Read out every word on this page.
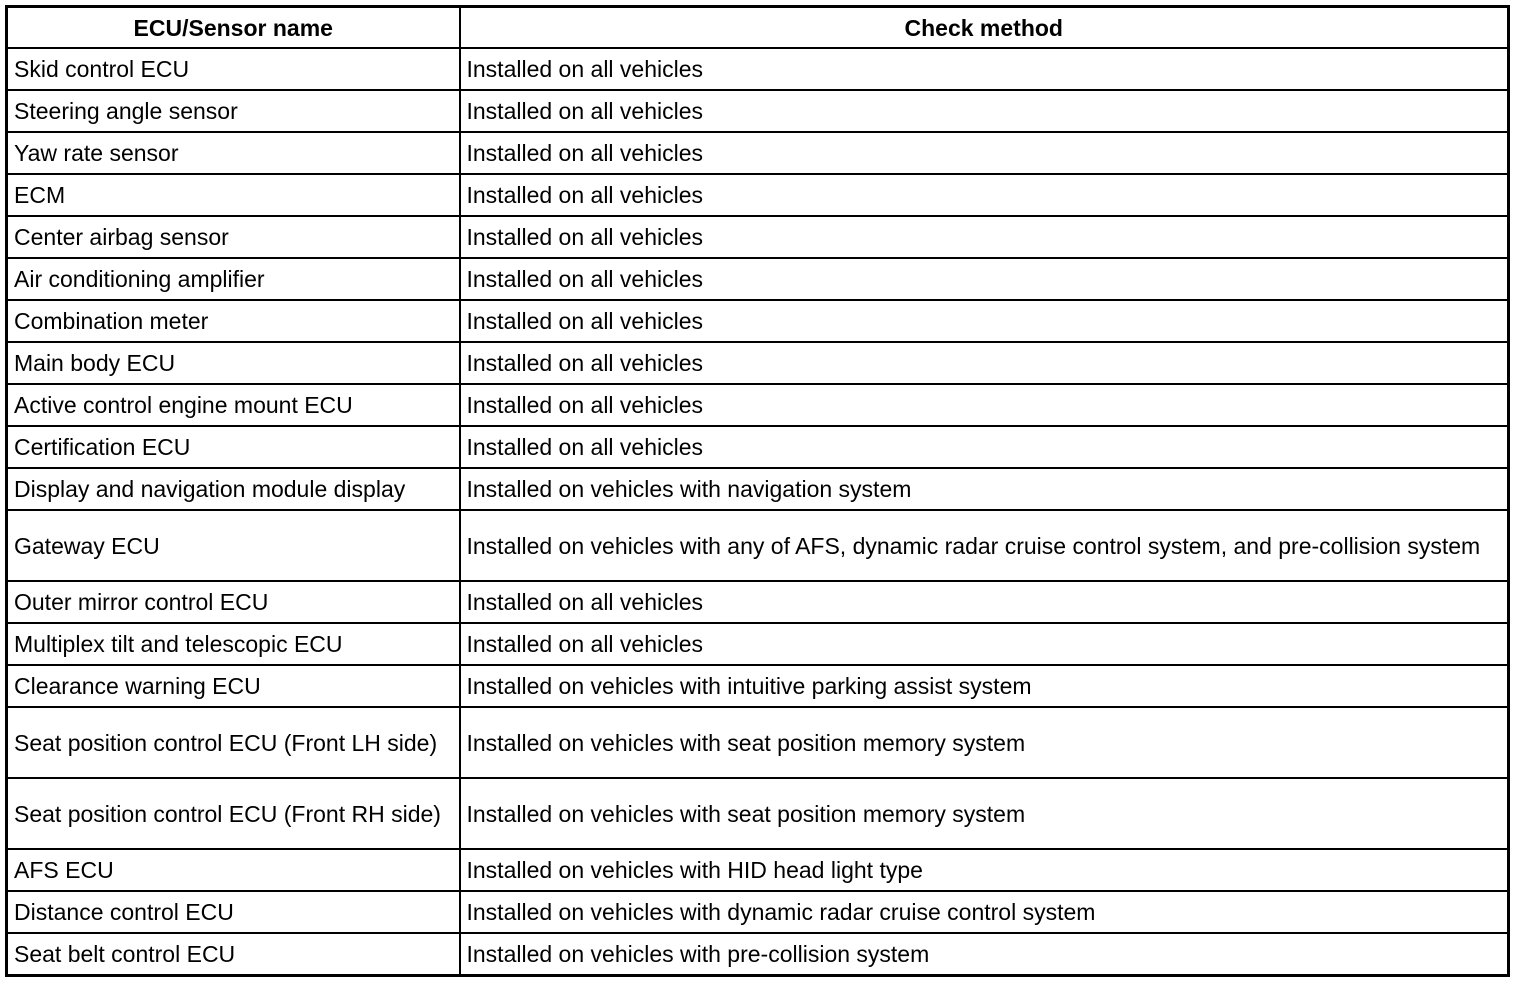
ECU/Sensor name	Check method
Skid control ECU	Installed on all vehicles
Steering angle sensor	Installed on all vehicles
Yaw rate sensor	Installed on all vehicles
ECM	Installed on all vehicles
Center airbag sensor	Installed on all vehicles
Air conditioning amplifier	Installed on all vehicles
Combination meter	Installed on all vehicles
Main body ECU	Installed on all vehicles
Active control engine mount ECU	Installed on all vehicles
Certification ECU	Installed on all vehicles
Display and navigation module display	Installed on vehicles with navigation system
Gateway ECU	Installed on vehicles with any of AFS, dynamic radar cruise control system, and pre-collision system
Outer mirror control ECU	Installed on all vehicles
Multiplex tilt and telescopic ECU	Installed on all vehicles
Clearance warning ECU	Installed on vehicles with intuitive parking assist system
Seat position control ECU (Front LH side)	Installed on vehicles with seat position memory system
Seat position control ECU (Front RH side)	Installed on vehicles with seat position memory system
AFS ECU	Installed on vehicles with HID head light type
Distance control ECU	Installed on vehicles with dynamic radar cruise control system
Seat belt control ECU	Installed on vehicles with pre-collision system
